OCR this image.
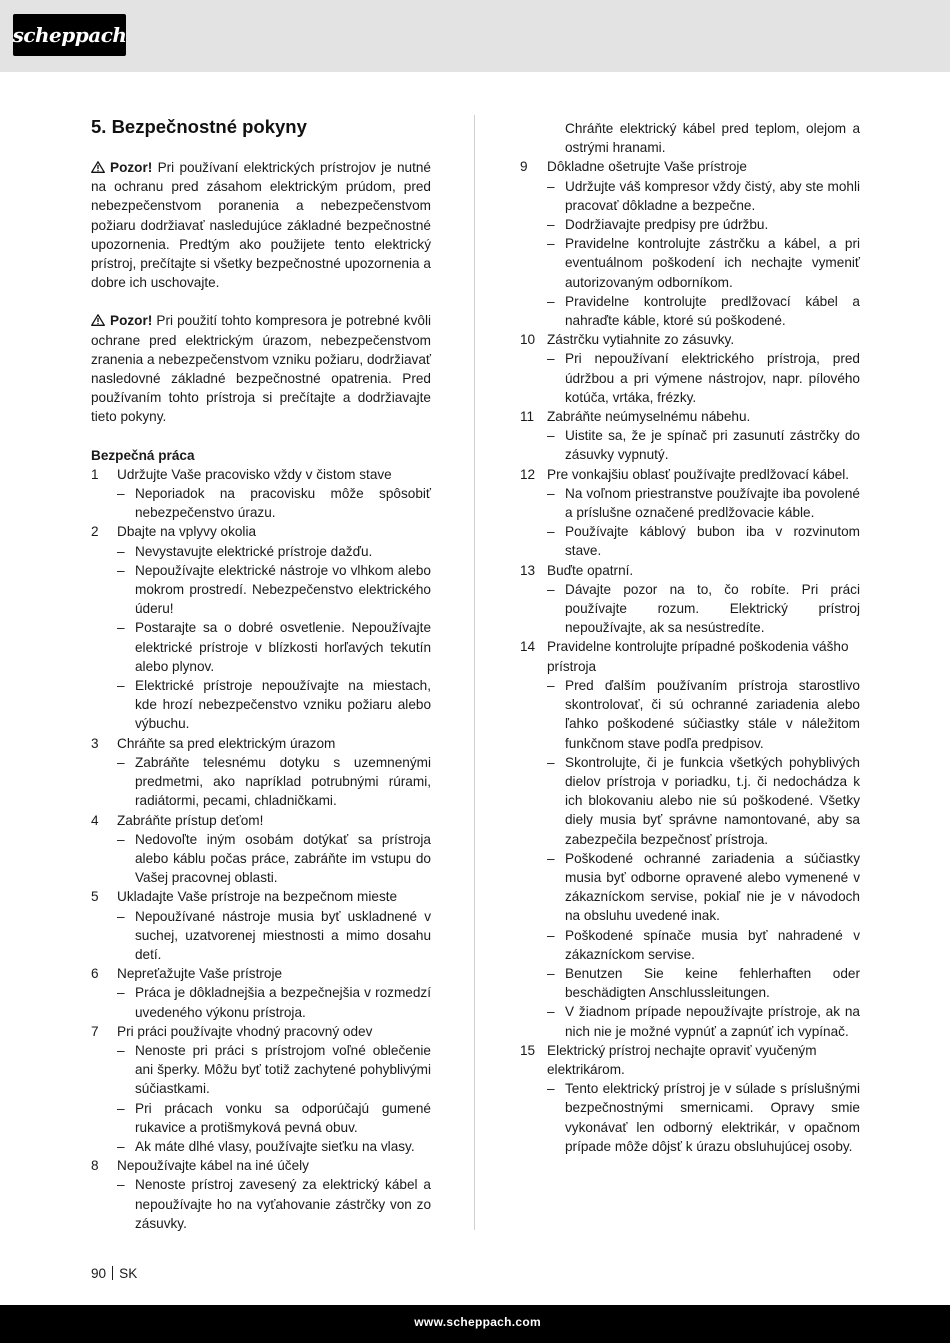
scheppach
5. Bezpečnostné pokyny

Pozor! Pri používaní elektrických prístrojov je nutné na ochranu pred zásahom elektrickým prúdom, pred nebezpečenstvom poranenia a nebezpečenstvom požiaru dodržiavať nasledujúce základné bezpečnostné upozornenia. Predtým ako použijete tento elektrický prístroj, prečítajte si všetky bezpečnostné upozornenia a dobre ich uschovajte.

Pozor! Pri použití tohto kompresora je potrebné kvôli ochrane pred elektrickým úrazom, nebezpečenstvom zranenia a nebezpečenstvom vzniku požiaru, dodržiavať nasledovné základné bezpečnostné opatrenia. Pred používaním tohto prístroja si prečítajte a dodržiavajte tieto pokyny.

Bezpečná práca
1	Udržujte Vaše pracovisko vždy v čistom stave
– Neporiadok na pracovisku môže spôsobiť nebezpečenstvo úrazu.
2	Dbajte na vplyvy okolia
– Nevystavujte elektrické prístroje dažďu.
– Nepoužívajte elektrické nástroje vo vlhkom alebo mokrom prostredí. Nebezpečenstvo elektrického úderu!
– Postarajte sa o dobré osvetlenie. Nepoužívajte elektrické prístroje v blízkosti horľavých tekutín alebo plynov.
– Elektrické prístroje nepoužívajte na miestach, kde hrozí nebezpečenstvo vzniku požiaru alebo výbuchu.
3	Chráňte sa pred elektrickým úrazom
– Zabráňte telesnému dotyku s uzemnenými predmetmi, ako napríklad potrubnými rúrami, radiátormi, pecami, chladničkami.
4	Zabráňte prístup deťom!
– Nedovoľte iným osobám dotýkať sa prístroja alebo káblu počas práce, zabráňte im vstupu do Vašej pracovnej oblasti.
5	Ukladajte Vaše prístroje na bezpečnom mieste
– Nepoužívané nástroje musia byť uskladnené v suchej, uzatvorenej miestnosti a mimo dosahu detí.
6	Nepreťažujte Vaše prístroje
– Práca je dôkladnejšia a bezpečnejšia v rozmedzí uvedeného výkonu prístroja.
7	Pri práci používajte vhodný pracovný odev
– Nenoste pri práci s prístrojom voľné oblečenie ani šperky. Môžu byť totiž zachytené pohyblivými súčiastkami.
– Pri prácach vonku sa odporúčajú gumené rukavice a protišmyková pevná obuv.
– Ak máte dlhé vlasy, používajte sieťku na vlasy.
8	Nepoužívajte kábel na iné účely
– Nenoste prístroj zavesený za elektrický kábel a nepoužívajte ho na vyťahovanie zástrčky von zo zásuvky.
Chráňte elektrický kábel pred teplom, olejom a ostrými hranami.
9	Dôkladne ošetrujte Vaše prístroje
– Udržujte váš kompresor vždy čistý, aby ste mohli pracovať dôkladne a bezpečne.
– Dodržiavajte predpisy pre údržbu.
– Pravidelne kontrolujte zástrčku a kábel, a pri eventuálnom poškodení ich nechajte vymeniť autorizovaným odborníkom.
– Pravidelne kontrolujte predlžovací kábel a nahraďte káble, ktoré sú poškodené.
10 Zástrčku vytiahnite zo zásuvky.
– Pri nepoužívaní elektrického prístroja, pred údržbou a pri výmene nástrojov, napr. pílového kotúča, vrtáka, frézky.
11 Zabráňte neúmyselnému nábehu.
– Uistite sa, že je spínač pri zasunutí zástrčky do zásuvky vypnutý.
12 Pre vonkajšiu oblasť používajte predlžovací kábel.
– Na voľnom priestranstve používajte iba povolené a príslušne označené predlžovacie káble.
– Používajte káblový bubon iba v rozvinutom stave.
13 Buďte opatrní.
– Dávajte pozor na to, čo robíte. Pri práci používajte rozum. Elektrický prístroj nepoužívajte, ak sa nesústredíte.
14 Pravidelne kontrolujte prípadné poškodenia vášho prístroja
– Pred ďalším používaním prístroja starostlivo skontrolovať, či sú ochranné zariadenia alebo ľahko poškodené súčiastky stále v náležitom funkčnom stave podľa predpisov.
– Skontrolujte, či je funkcia všetkých pohyblivých dielov prístroja v poriadku, t.j. či nedochádza k ich blokovaniu alebo nie sú poškodené. Všetky diely musia byť správne namontované, aby sa zabezpečila bezpečnosť prístroja.
– Poškodené ochranné zariadenia a súčiastky musia byť odborne opravené alebo vymenené v zákazníckom servise, pokiaľ nie je v návodoch na obsluhu uvedené inak.
– Poškodené spínače musia byť nahradené v zákazníckom servise.
– Benutzen Sie keine fehlerhaften oder beschädigten Anschlussleitungen.
– V žiadnom prípade nepoužívajte prístroje, ak na nich nie je možné vypnúť a zapnúť ich vypínač.
15 Elektrický prístroj nechajte opraviť vyučeným elektrikárom.
– Tento elektrický prístroj je v súlade s príslušnými bezpečnostnými smernicami. Opravy smie vykonávať len odborný elektrikár, v opačnom prípade môže dôjsť k úrazu obsluhujúcej osoby.
90 SK
www.scheppach.com
